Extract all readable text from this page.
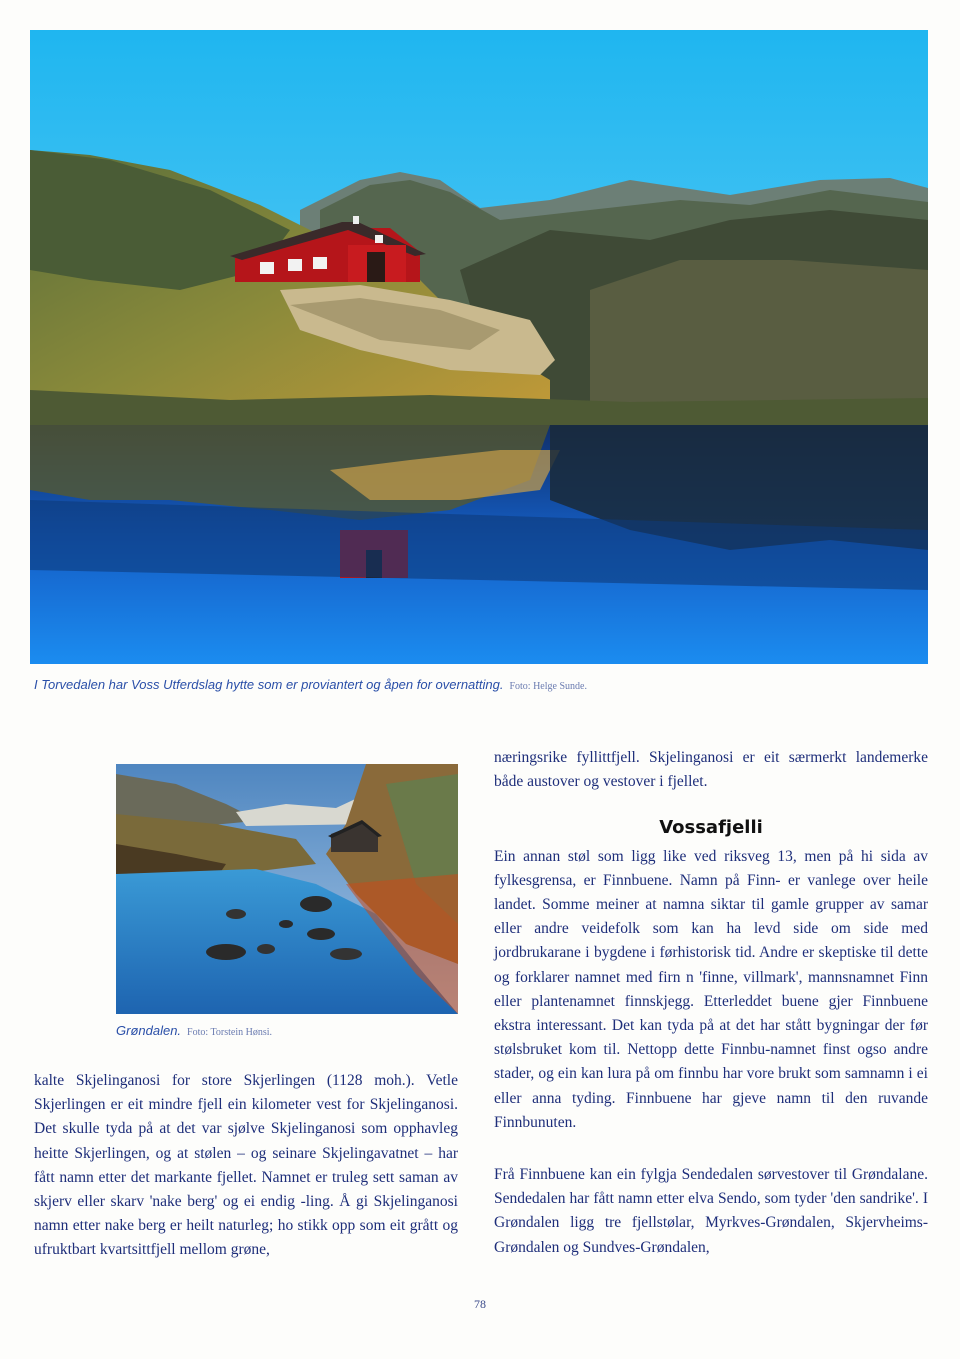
I Torvedalen har Voss Utferdslag hytte som er proviantert og åpen for overnatting. Foto: Helge Sunde.
Grøndalen. Foto: Torstein Hønsi.

kalte Skjelinganosi for store Skjerlingen (1128 moh.). Vetle Skjerlingen er eit mindre fjell ein kilometer vest for Skjelinganosi. Det skulle tyda på at det var sjølve Skjelinganosi som opphavleg heitte Skjerlingen, og at stølen – og seinare Skjelingavatnet – har fått namn etter det markante fjellet. Namnet er truleg sett saman av skjerv eller skarv 'nake berg' og ei endig -ling. Å gi Skjelinganosi namn etter nake berg er heilt naturleg; ho stikk opp som eit grått og ufruktbart kvartsittfjell mellom grøne,

næringsrike fyllittfjell. Skjelinganosi er eit særmerkt landemerke både austover og vestover i fjellet.

Vossafjelli

Ein annan støl som ligg like ved riksveg 13, men på hi sida av fylkesgrensa, er Finnbuene. Namn på Finn- er vanlege over heile landet. Somme meiner at namna siktar til gamle grupper av samar eller andre veidefolk som kan ha levd side om side med jordbrukarane i bygdene i førhistorisk tid. Andre er skeptiske til dette og forklarer namnet med firn n 'finne, villmark', mannsnamnet Finn eller plantenamnet finnskjegg. Etterleddet buene gjer Finnbuene ekstra interessant. Det kan tyda på at det har stått bygningar der før stølsbruket kom til. Nettopp dette Finnbu-namnet finst ogso andre stader, og ein kan lura på om finnbu har vore brukt som samnamn i ei eller anna tyding. Finnbuene har gjeve namn til den ruvande Finnbunuten.

Frå Finnbuene kan ein fylgja Sendedalen sørvestover til Grøndalane. Sendedalen har fått namn etter elva Sendo, som tyder 'den sandrike'. I Grøndalen ligg tre fjellstølar, Myrkves-Grøndalen, Skjervheims-Grøndalen og Sundves-Grøndalen,

78
